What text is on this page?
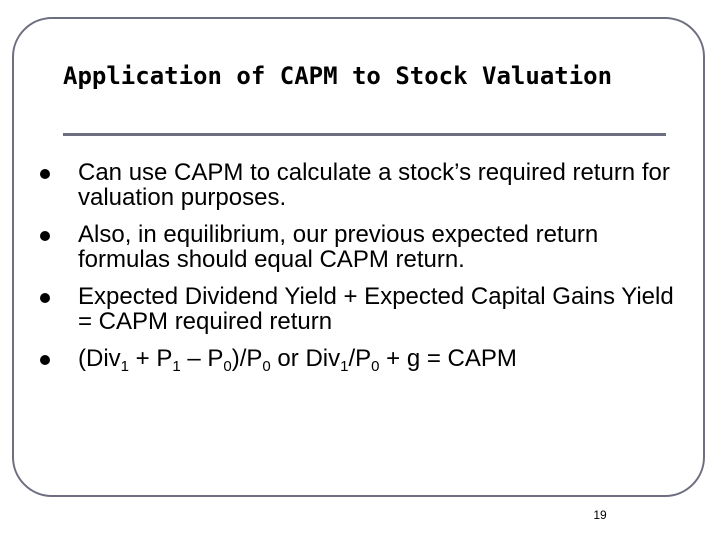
Application of CAPM to Stock Valuation
Can use CAPM to calculate a stock’s required return for valuation purposes.
Also, in equilibrium, our previous expected return formulas should equal CAPM return.
Expected Dividend Yield + Expected Capital Gains Yield = CAPM required return
$(Div_1 + P_1 - P_0)/P_0$ or $Div_1/P_0 + g$ = CAPM
19
